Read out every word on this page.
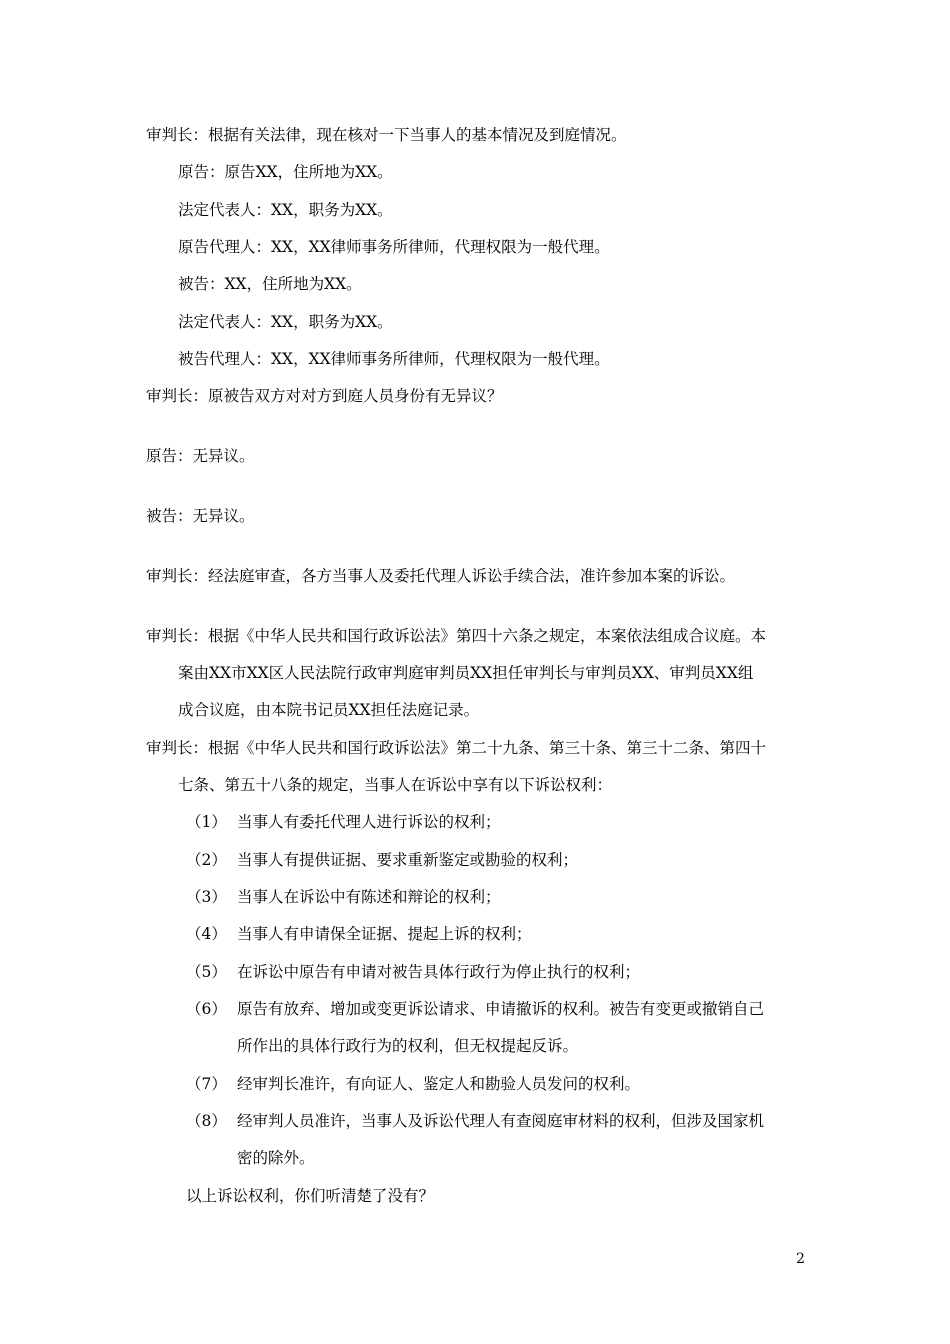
审判长：根据有关法律，现在核对一下当事人的基本情况及到庭情况。
原告：原告XX，住所地为XX。
法定代表人：XX，职务为XX。
原告代理人：XX，XX律师事务所律师，代理权限为一般代理。
被告：XX，住所地为XX。
法定代表人：XX，职务为XX。
被告代理人：XX，XX律师事务所律师，代理权限为一般代理。
审判长：原被告双方对对方到庭人员身份有无异议？
原告：无异议。
被告：无异议。
审判长：经法庭审查，各方当事人及委托代理人诉讼手续合法，准许参加本案的诉讼。
审判长：根据《中华人民共和国行政诉讼法》第四十六条之规定，本案依法组成合议庭。本
案由XX市XX区人民法院行政审判庭审判员XX担任审判长与审判员XX、审判员XX组
成合议庭，由本院书记员XX担任法庭记录。
审判长：根据《中华人民共和国行政诉讼法》第二十九条、第三十条、第三十二条、第四十
七条、第五十八条的规定，当事人在诉讼中享有以下诉讼权利：
（1） 当事人有委托代理人进行诉讼的权利；
（2） 当事人有提供证据、要求重新鉴定或勘验的权利；
（3） 当事人在诉讼中有陈述和辩论的权利；
（4） 当事人有申请保全证据、提起上诉的权利；
（5） 在诉讼中原告有申请对被告具体行政行为停止执行的权利；
（6） 原告有放弃、增加或变更诉讼请求、申请撤诉的权利。被告有变更或撤销自己
所作出的具体行政行为的权利，但无权提起反诉。
（7） 经审判长准许，有向证人、鉴定人和勘验人员发问的权利。
（8） 经审判人员准许，当事人及诉讼代理人有查阅庭审材料的权利，但涉及国家机
密的除外。
以上诉讼权利，你们听清楚了没有？
2
